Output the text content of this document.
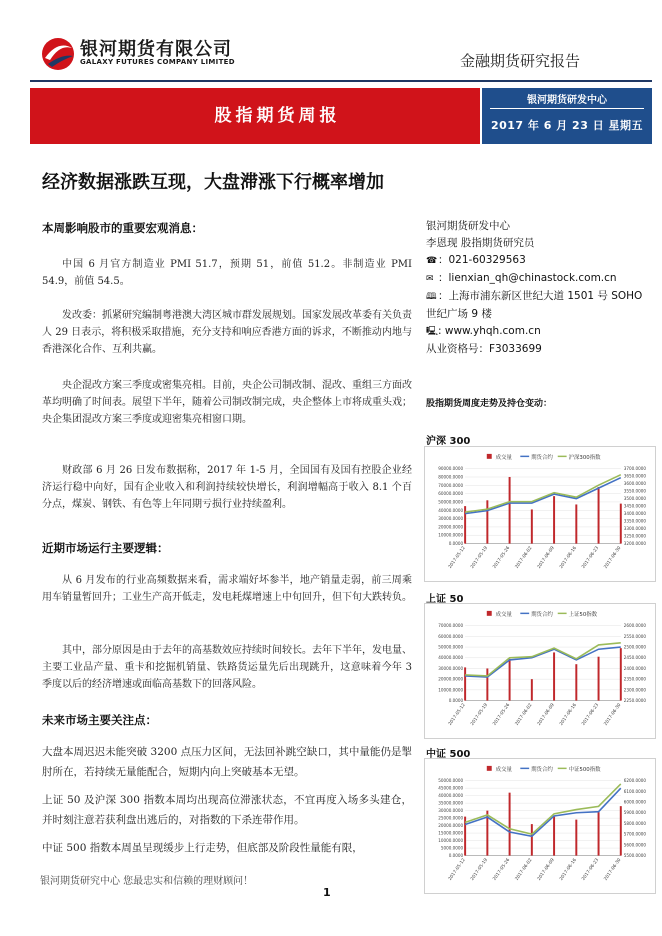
银河期货有限公司
GALAXY FUTURES COMPANY LIMITED	金融期货研究报告
股指期货周报
银河期货研发中心
2017 年 6 月 23 日 星期五
经济数据涨跌互现，大盘滞涨下行概率增加
本周影响股市的重要宏观消息：
中国 6 月官方制造业 PMI 51.7，预期 51，前值 51.2。非制造业 PMI 54.9，前值 54.5。
发改委：抓紧研究编制粤港澳大湾区城市群发展规划。国家发展改革委有关负责人 29 日表示，将积极采取措施，充分支持和响应香港方面的诉求，不断推动内地与香港深化合作、互利共赢。
央企混改方案三季度或密集亮相。目前，央企公司制改制、混改、重组三方面改革均明确了时间表。展望下半年，随着公司制改制完成，央企整体上市将成重头戏；央企集团混改方案三季度或迎密集亮相窗口期。
财政部 6 月 26 日发布数据称，2017 年 1-5 月，全国国有及国有控股企业经济运行稳中向好，国有企业收入和利润持续较快增长，利润增幅高于收入 8.1 个百分点，煤炭、钢铁、有色等上年同期亏损行业持续盈利。
近期市场运行主要逻辑：
从 6 月发布的行业高频数据来看，需求端好坏参半，地产销量走弱，前三周乘用车销量暂回升；工业生产高开低走，发电耗煤增速上中旬回升，但下旬大跌转负。
其中，部分原因是由于去年的高基数效应持续时间较长。去年下半年，发电量、主要工业品产量、重卡和挖掘机销量、铁路货运量先后出现跳升，这意味着今年 3 季度以后的经济增速或面临高基数下的回落风险。
未来市场主要关注点：
大盘本周迟迟未能突破 3200 点压力区间，无法回补跳空缺口，其中量能仍是掣肘所在，若持续无量能配合，短期内向上突破基本无望。
上证 50 及沪深 300 指数本周均出现高位滞涨状态，不宜再度入场多头建仓，并时刻注意若获利盘出逃后的，对指数的下杀连带作用。
中证 500 指数本周虽呈现缓步上行走势，但底部及阶段性量能有限，
银河期货研发中心
李恩现 股指期货研究员
☎：021-60329563
✉ ：lienxian_qh@chinastock.com.cn
🕮：上海市浦东新区世纪大道 1501 号 SOHO 世纪广场 9 楼
🖳: www.yhqh.com.cn
从业资格号：F3033699
股指期货周度走势及持仓变动：
沪深 300
成交量	期货合约	沪深300指数
90000.0000
80000.0000
70000.0000
60000.0000
50000.0000
40000.0000
30000.0000
20000.0000
10000.0000
0.0000
3700.0000
3650.0000
3600.0000
3550.0000
3500.0000
3450.0000
3400.0000
3350.0000
3300.0000
3250.0000
3200.0000
2017-05-12 2017-05-19 2017-05-26 2017-06-02 2017-06-09 2017-06-16 2017-06-23 2017-06-30
上证 50
成交量	期货合约	上证50指数
70000.0000
60000.0000
50000.0000
40000.0000
30000.0000
20000.0000
10000.0000
0.0000
2600.0000
2550.0000
2500.0000
2450.0000
2400.0000
2350.0000
2300.0000
2250.0000
2017-05-12 2017-05-19 2017-05-26 2017-06-02 2017-06-09 2017-06-16 2017-06-23 2017-06-30
中证 500
成交量	期货合约	中证500指数
50000.0000
45000.0000
40000.0000
35000.0000
30000.0000
25000.0000
20000.0000
15000.0000
10000.0000
5000.0000
0.0000
6200.0000
6100.0000
6000.0000
5900.0000
5800.0000
5700.0000
5600.0000
5500.0000
2017-05-12 2017-05-19 2017-05-26 2017-06-02 2017-06-09 2017-06-16 2017-06-23 2017-06-30
银河期货研究中心 您最忠实和信赖的理财顾问！
1
